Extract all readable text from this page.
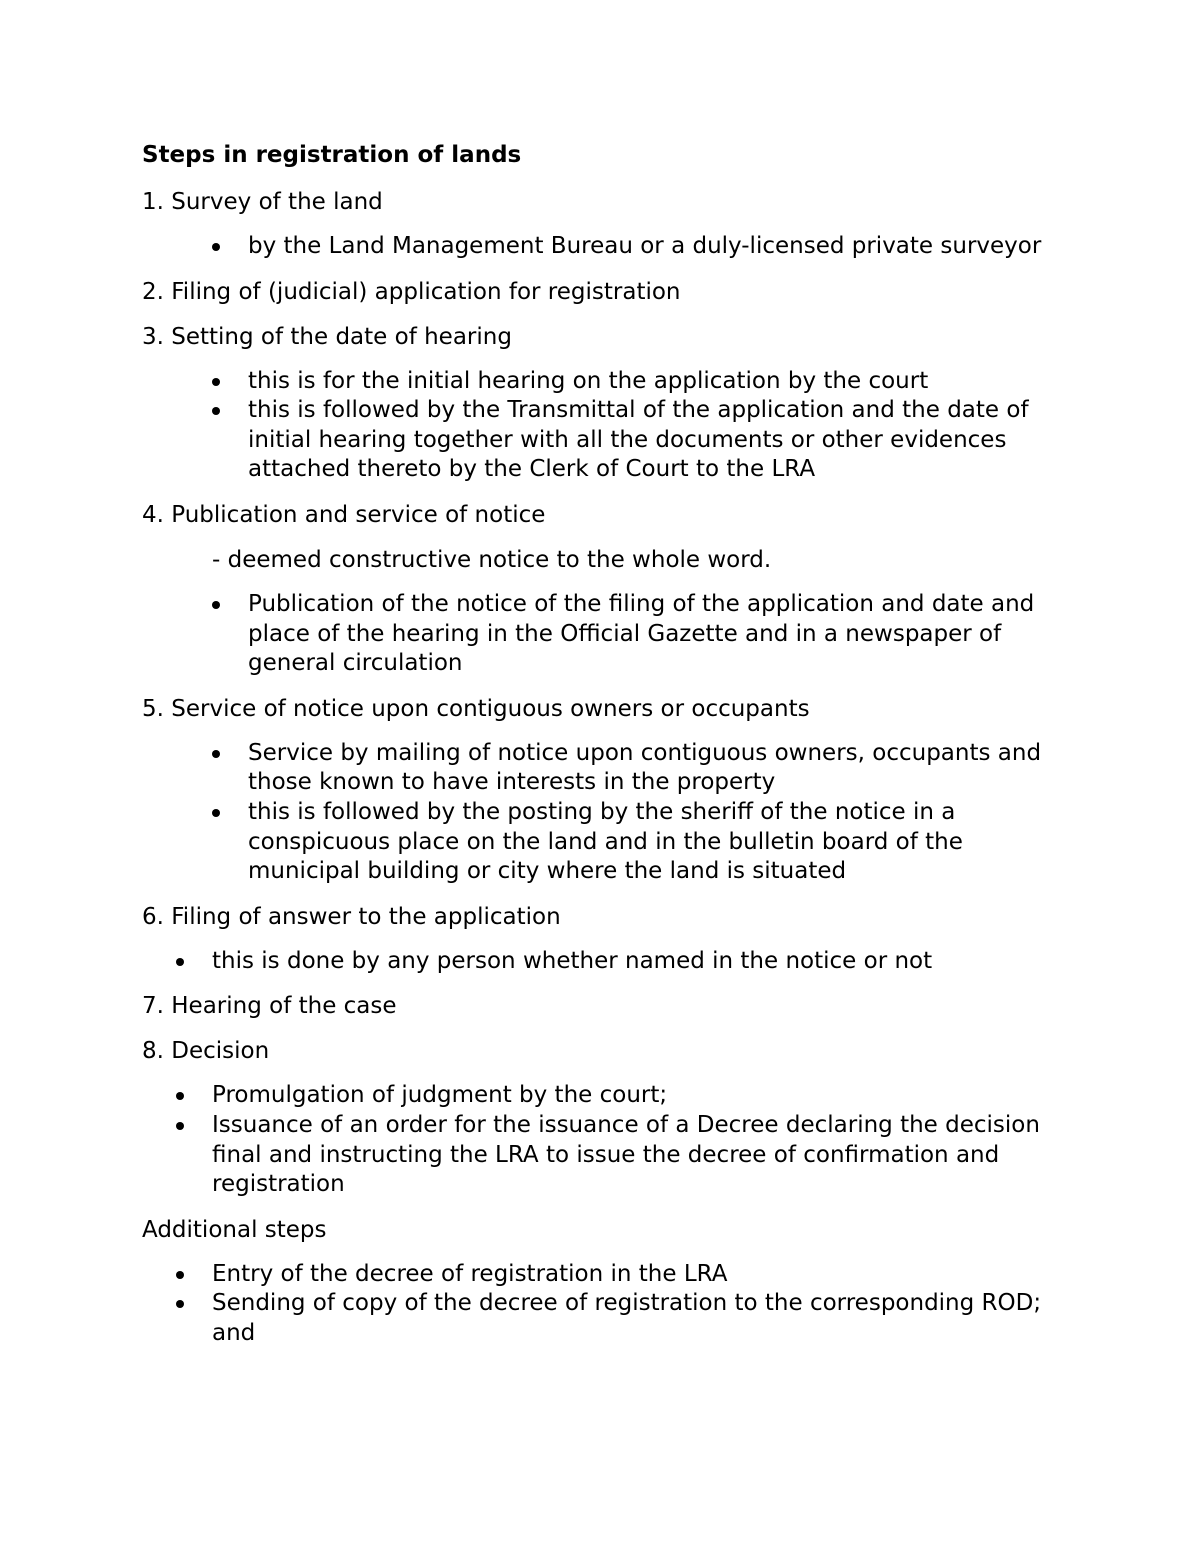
Steps in registration of lands
1. Survey of the land
by the Land Management Bureau or a duly-licensed private surveyor
2. Filing of (judicial) application for registration
3. Setting of the date of hearing
this is for the initial hearing on the application by the court
this is followed by the Transmittal of the application and the date of initial hearing together with all the documents or other evidences attached thereto by the Clerk of Court to the LRA
4. Publication and service of notice
- deemed constructive notice to the whole word.
Publication of the notice of the filing of the application and date and place of the hearing in the Official Gazette and in a newspaper of general circulation
5. Service of notice upon contiguous owners or occupants
Service by mailing of notice upon contiguous owners, occupants and those known to have interests in the property
this is followed by the posting by the sheriff of the notice in a conspicuous place on the land and in the bulletin board of the municipal building or city where the land is situated
6. Filing of answer to the application
this is done by any person whether named in the notice or not
7. Hearing of the case
8. Decision
Promulgation of judgment by the court;
Issuance of an order for the issuance of a Decree declaring the decision final and instructing the LRA to issue the decree of confirmation and registration
Additional steps
Entry of the decree of registration in the LRA
Sending of copy of the decree of registration to the corresponding ROD; and
